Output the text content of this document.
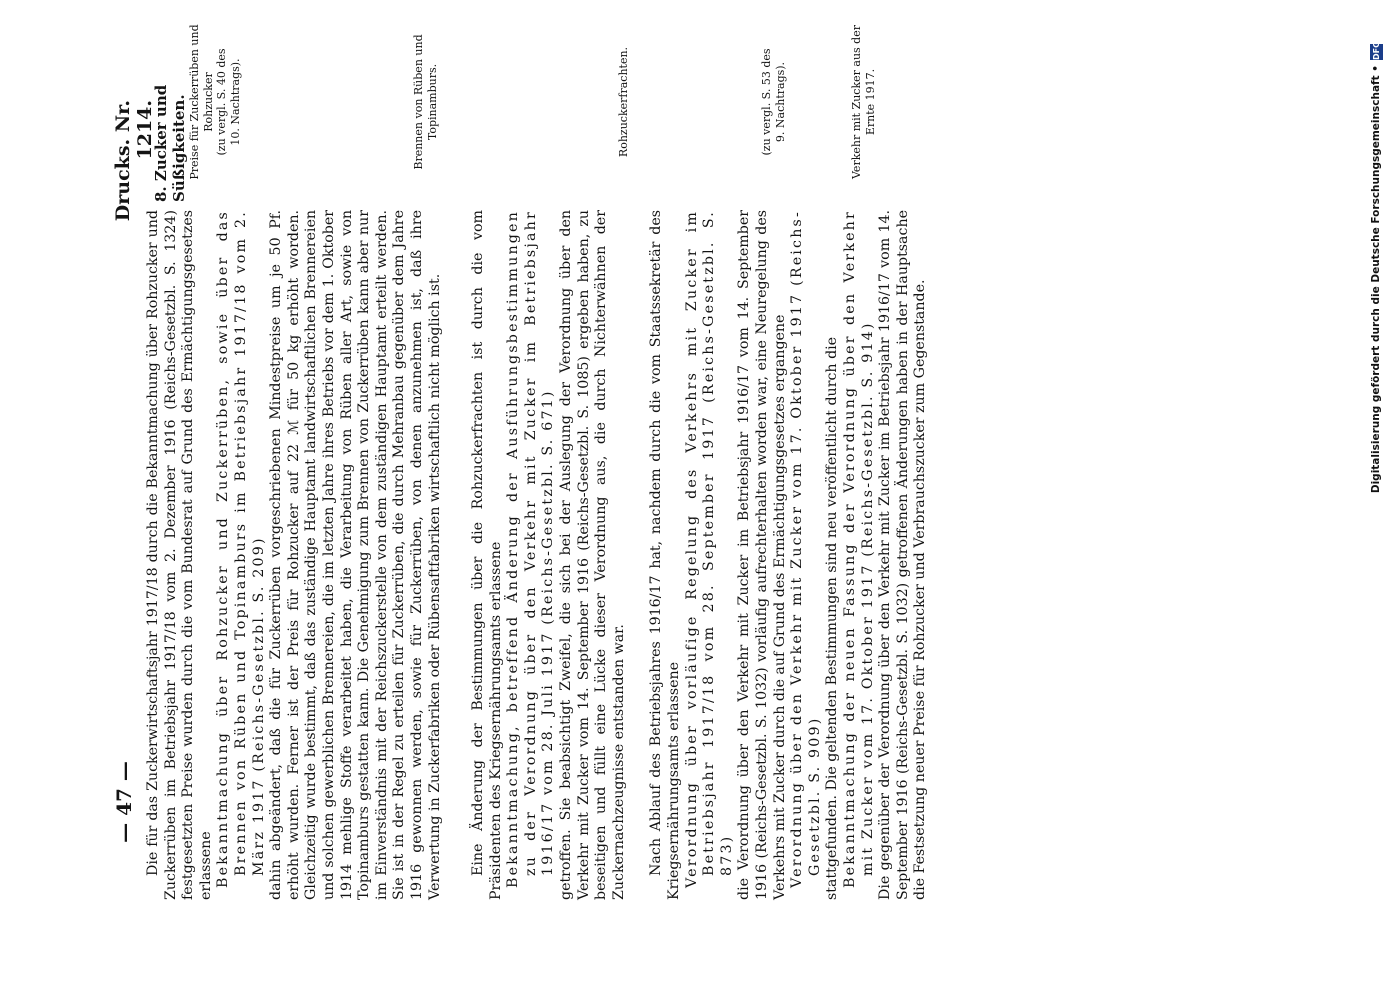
— 47 —
Drucks. Nr. 1214.

Die für das Zuckerwirtschaftsjahr 1917/18 durch die Bekanntmachung über Rohzucker und Zuckerrüben im Betriebsjahr 1917/18 vom 2. Dezember 1916 (Reichs-Gesetzbl. S. 1324) festgesetzten Preise wurden durch die vom Bundesrat auf Grund des Ermächtigungsgesetzes erlassene Bekanntmachung über Rohzucker und Zuckerrüben, sowie über das Brennen von Rüben und Topinamburs im Betriebsjahr 1917/18 vom 2. März 1917 (Reichs-Gesetzbl. S. 209) dahin abgeändert, daß die für Zuckerrüben vorgeschriebenen Mindestpreise um je 50 Pf. erhöht wurden. Ferner ist der Preis für Rohzucker auf 22 ℳ für 50 kg erhöht worden. Gleichzeitig wurde bestimmt, daß das zuständige Hauptamt landwirtschaftlichen Brennereien und solchen gewerblichen Brennereien, die im letzten Jahre ihres Betriebs vor dem 1. Oktober 1914 mehlige Stoffe verarbeitet haben, die Verarbeitung von Rüben aller Art, sowie von Topinamburs gestatten kann. Die Genehmigung zum Brennen von Zuckerrüben kann aber nur im Einverständnis mit der Reichszuckerstelle von dem zuständigen Hauptamt erteilt werden. Sie ist in der Regel zu erteilen für Zuckerrüben, die durch Mehranbau gegenüber dem Jahre 1916 gewonnen werden, sowie für Zuckerrüben, von denen anzunehmen ist, daß ihre Verwertung in Zuckerfabriken oder Rübensaftfabriken wirtschaftlich nicht möglich ist. Eine Änderung der Bestimmungen über die Rohzuckerfrachten ist durch die vom Präsidenten des Kriegsernährungsamts erlassene Bekanntmachung, betreffend Änderung der Ausführungsbestimmungen zu der Verordnung über den Verkehr mit Zucker im Betriebsjahr 1916/17 vom 28. Juli 1917 (Reichs-Gesetzbl. S. 671) getroffen. Sie beabsichtigt Zweifel, die sich bei der Auslegung der Verordnung über den Verkehr mit Zucker vom 14. September 1916 (Reichs-Gesetzbl. S. 1085) ergeben haben, zu beseitigen und füllt eine Lücke dieser Verordnung aus, die durch Nichterwähnen der Zuckernachzeugnisse entstanden war. Nach Ablauf des Betriebsjahres 1916/17 hat, nachdem durch die vom Staatssekretär des Kriegsernährungsamts erlassene Verordnung über vorläufige Regelung des Verkehrs mit Zucker im Betriebsjahr 1917/18 vom 28. September 1917 (Reichs-Gesetzbl. S. 873) die Verordnung über den Verkehr mit Zucker im Betriebsjahr 1916/17 vom 14. September 1916 (Reichs-Gesetzbl. S. 1032) vorläufig aufrechterhalten worden war, eine Neuregelung des Verkehrs mit Zucker durch die auf Grund des Ermächtigungsgesetzes ergangene Verordnung über den Verkehr mit Zucker vom 17. Oktober 1917 (Reichs-Gesetzbl. S. 909) stattgefunden. Die geltenden Bestimmungen sind neu veröffentlicht durch die Bekanntmachung der neuen Fassung der Verordnung über den Verkehr mit Zucker vom 17. Oktober 1917 (Reichs-Gesetzbl. S. 914) Die gegenüber der Verordnung über den Verkehr mit Zucker im Betriebsjahr 1916/17 vom 14. September 1916 (Reichs-Gesetzbl. S. 1032) getroffenen Änderungen haben in der Hauptsache die Festsetzung neuer Preise für Rohzucker und Verbrauchszucker zum Gegenstande.

8. Zucker und Süßigkeiten. Preise für Zuckerrüben und Rohzucker (zu vergl. S. 40 des 10. Nachtrags).	Brennen von Rüben und Topinamburs.	Rohzuckerfrachten.	(zu vergl. S. 53 des 9. Nachtrags).	Verkehr mit Zucker aus der Ernte 1917.	Digitalisierung gefördert durch die Deutsche Forschungsgemeinschaft •
DFG
